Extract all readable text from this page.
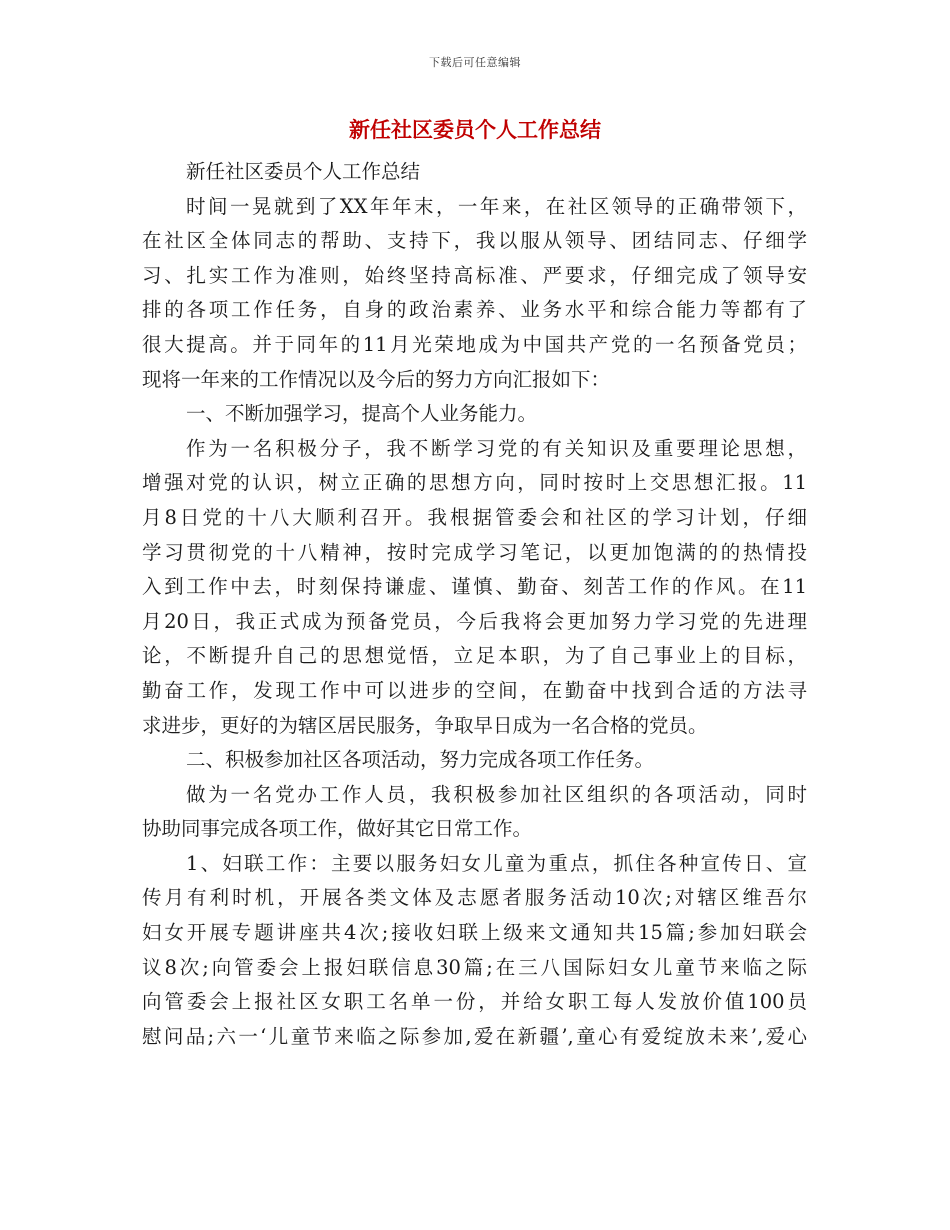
下载后可任意编辑
新任社区委员个人工作总结
新任社区委员个人工作总结
时间一晃就到了XX年年末，一年来，在社区领导的正确带领下，
在社区全体同志的帮助、支持下，我以服从领导、团结同志、仔细学
习、扎实工作为准则，始终坚持高标准、严要求，仔细完成了领导安
排的各项工作任务，自身的政治素养、业务水平和综合能力等都有了
很大提高。并于同年的11月光荣地成为中国共产党的一名预备党员；
现将一年来的工作情况以及今后的努力方向汇报如下：
一、不断加强学习，提高个人业务能力。
作为一名积极分子，我不断学习党的有关知识及重要理论思想，
增强对党的认识，树立正确的思想方向，同时按时上交思想汇报。11
月8日党的十八大顺利召开。我根据管委会和社区的学习计划，仔细
学习贯彻党的十八精神，按时完成学习笔记，以更加饱满的的热情投
入到工作中去，时刻保持谦虚、谨慎、勤奋、刻苦工作的作风。在11
月20日，我正式成为预备党员，今后我将会更加努力学习党的先进理
论，不断提升自己的思想觉悟，立足本职，为了自己事业上的目标，
勤奋工作，发现工作中可以进步的空间，在勤奋中找到合适的方法寻
求进步，更好的为辖区居民服务，争取早日成为一名合格的党员。
二、积极参加社区各项活动，努力完成各项工作任务。
做为一名党办工作人员，我积极参加社区组织的各项活动，同时
协助同事完成各项工作，做好其它日常工作。
1、妇联工作：主要以服务妇女儿童为重点，抓住各种宣传日、宣
传月有利时机，开展各类文体及志愿者服务活动10次;对辖区维吾尔
妇女开展专题讲座共4次;接收妇联上级来文通知共15篇;参加妇联会
议8次;向管委会上报妇联信息30篇;在三八国际妇女儿童节来临之际
向管委会上报社区女职工名单一份，并给女职工每人发放价值100员
慰问品;六一‘儿童节来临之际参加,爱在新疆’,童心有爱绽放未来’,爱心
